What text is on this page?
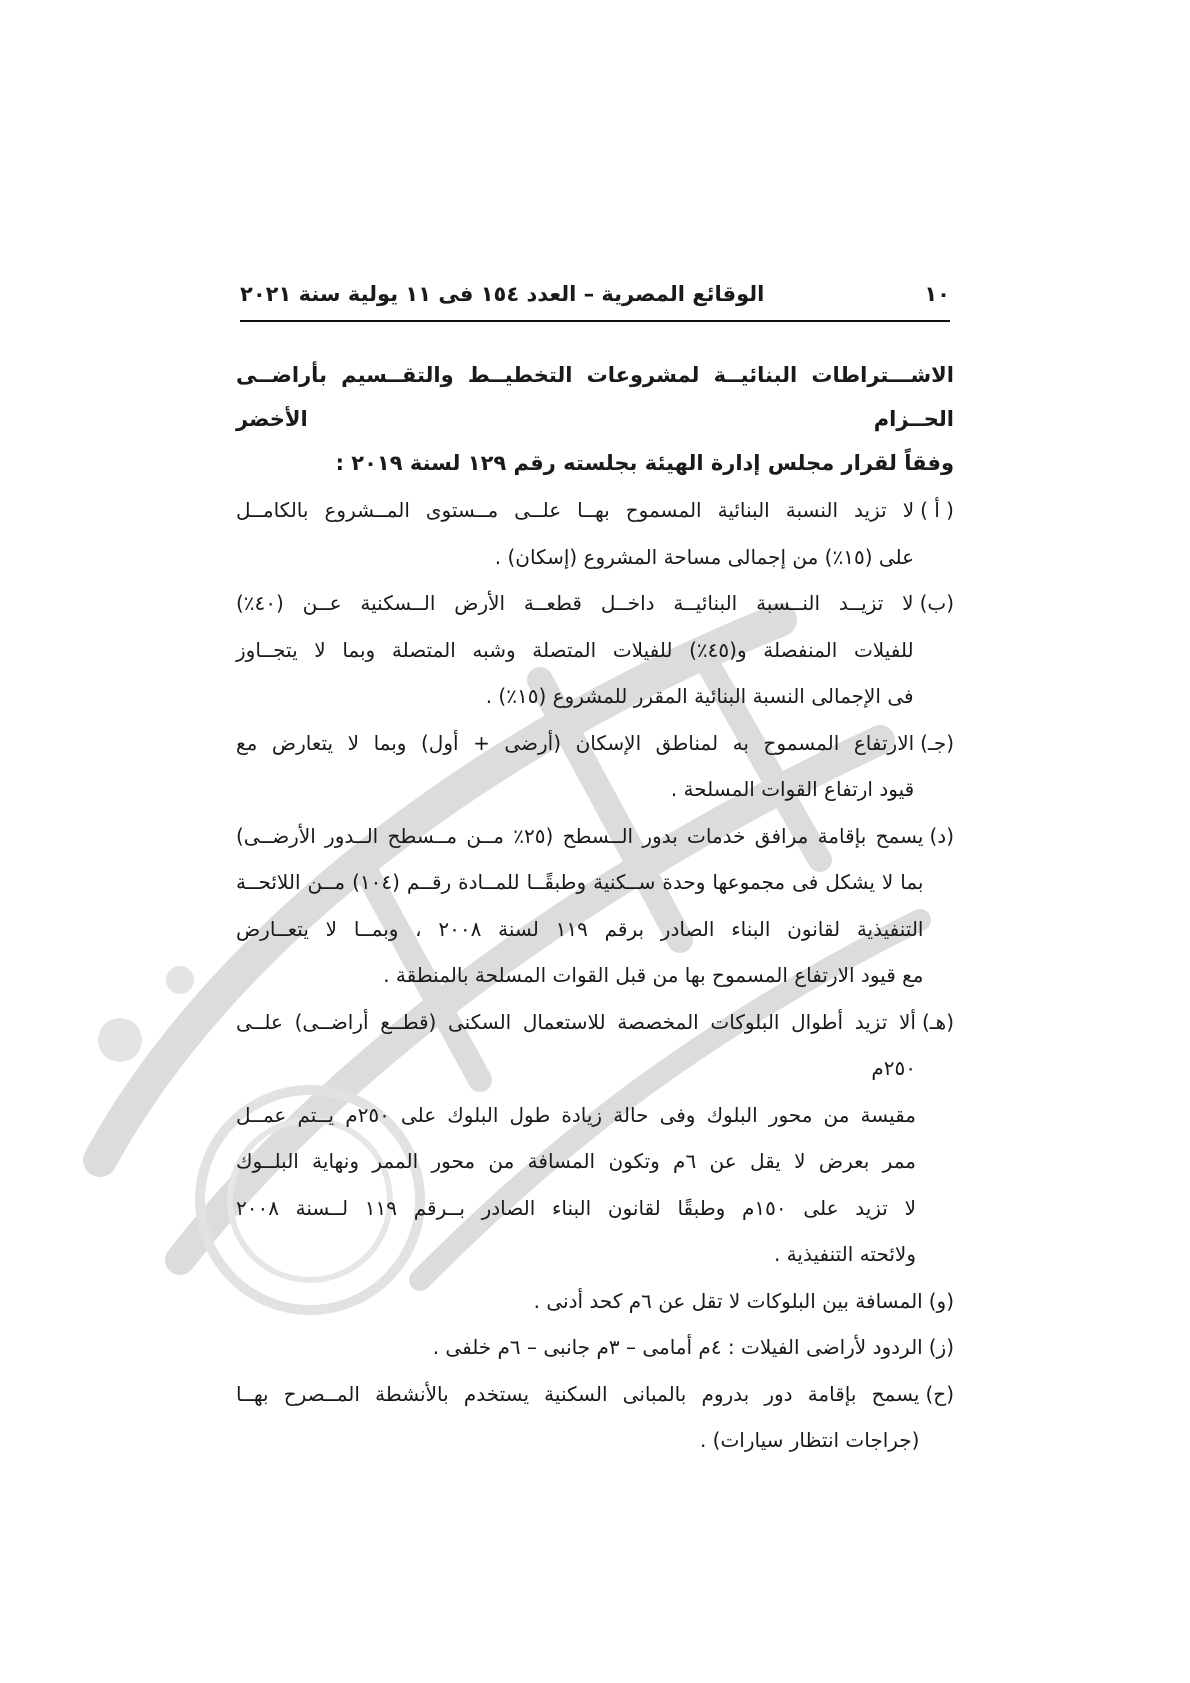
١٠
الوقائع المصرية – العدد ١٥٤ فى ١١ يولية سنة ٢٠٢١
الاشـــتراطات البنائيــة لمشروعات التخطيــط والتقــسيم بأراضــى الحــزام الأخضر
وفقاً لقرار مجلس إدارة الهيئة بجلسته رقم ١٢٩ لسنة ٢٠١٩ :
( أ )
لا تزيد النسبة البنائية المسموح بهــا علــى مــستوى المــشروع بالكامــل
على (١٥٪) من إجمالى مساحة المشروع (إسكان) .
(ب)
لا تزيــد النــسبة البنائيــة داخــل قطعــة الأرض الــسكنية عــن (٤٠٪)
للفيلات المنفصلة و(٤٥٪) للفيلات المتصلة وشبه المتصلة وبما لا يتجــاوز
فى الإجمالى النسبة البنائية المقرر للمشروع (١٥٪) .
(جـ)
الارتفاع المسموح به لمناطق الإسكان (أرضى + أول) وبما لا يتعارض مع
قيود ارتفاع القوات المسلحة .
(د)
يسمح بإقامة مرافق خدمات بدور الــسطح (٢٥٪ مــن مــسطح الــدور الأرضــى)
بما لا يشكل فى مجموعها وحدة ســكنية وطبقًــا للمــادة رقــم (١٠٤) مــن اللائحــة
التنفيذية لقانون البناء الصادر برقم ١١٩ لسنة ٢٠٠٨ ، وبمــا لا يتعــارض
مع قيود الارتفاع المسموح بها من قبل القوات المسلحة بالمنطقة .
(هـ)
ألا تزيد أطوال البلوكات المخصصة للاستعمال السكنى (قطــع أراضــى) علــى ٢٥٠م
مقيسة من محور البلوك وفى حالة زيادة طول البلوك على ٢٥٠م يــتم عمــل
ممر بعرض لا يقل عن ٦م وتكون المسافة من محور الممر ونهاية البلــوك
لا تزيد على ١٥٠م وطبقًا لقانون البناء الصادر بــرقم ١١٩ لــسنة ٢٠٠٨
ولائحته التنفيذية .
(و)
المسافة بين البلوكات لا تقل عن ٦م كحد أدنى .
(ز)
الردود لأراضى الفيلات : ٤م أمامى – ٣م جانبى – ٦م خلفى .
(ح)
يسمح بإقامة دور بدروم بالمبانى السكنية يستخدم بالأنشطة المــصرح بهــا
(جراجات انتظار سيارات) .
